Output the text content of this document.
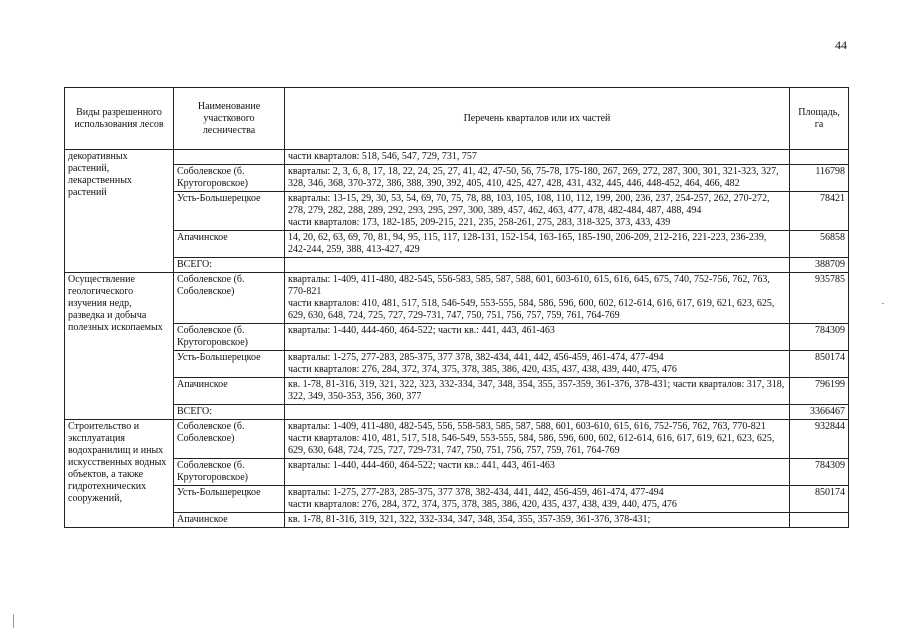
44
Виды разрешенного использования лесов	Наименование участкового лесничества	Перечень кварталов или их частей	Площадь, га
декоративных растений, лекарственных растений		части кварталов: 518, 546, 547, 729, 731, 757	

	Соболевское (б. Крутогоровское)	кварталы: 2, 3, 6, 8, 17, 18, 22, 24, 25, 27, 41, 42, 47-50, 56, 75-78, 175-180, 267, 269, 272, 287, 300, 301, 321-323, 327, 328, 346, 368, 370-372, 386, 388, 390, 392, 405, 410, 425, 427, 428, 431, 432, 445, 446, 448-452, 464, 466, 482	116798
	Усть-Большерецкое	кварталы: 13-15, 29, 30, 53, 54, 69, 70, 75, 78, 88, 103, 105, 108, 110, 112, 199, 200, 236, 237, 254-257, 262, 270-272, 278, 279, 282, 288, 289, 292, 293, 295, 297, 300, 389, 457, 462, 463, 477, 478, 482-484, 487, 488, 494
части кварталов: 173, 182-185, 209-215, 221, 235, 258-261, 275, 283, 318-325, 373, 433, 439	78421
	Апачинское	14, 20, 62, 63, 69, 70, 81, 94, 95, 115, 117, 128-131, 152-154, 163-165, 185-190, 206-209, 212-216, 221-223, 236-239, 242-244, 259, 388, 413-427, 429	56858
	ВСЕГО:		388709
Осуществление геологического изучения недр, разведка и добыча полезных ископаемых	Соболевское (б. Соболевское)	кварталы: 1-409, 411-480, 482-545, 556-583, 585, 587, 588, 601, 603-610, 615, 616, 645, 675, 740, 752-756, 762, 763, 770-821
части кварталов: 410, 481, 517, 518, 546-549, 553-555, 584, 586, 596, 600, 602, 612-614, 616, 617, 619, 621, 623, 625, 629, 630, 648, 724, 725, 727, 729-731, 747, 750, 751, 756, 757, 759, 761, 764-769	935785
	Соболевское (б. Крутогоровское)	кварталы: 1-440, 444-460, 464-522; части кв.: 441, 443, 461-463	784309
	Усть-Большерецкое	кварталы: 1-275, 277-283, 285-375, 377 378, 382-434, 441, 442, 456-459, 461-474, 477-494
части кварталов: 276, 284, 372, 374, 375, 378, 385, 386, 420, 435, 437, 438, 439, 440, 475, 476	850174
	Апачинское	кв. 1-78, 81-316, 319, 321, 322, 323, 332-334, 347, 348, 354, 355, 357-359, 361-376, 378-431; части кварталов: 317, 318, 322, 349, 350-353, 356, 360, 377	796199
	ВСЕГО:		3366467
Строительство и эксплуатация водохранилищ и иных искусственных водных объектов, а также гидротехнических сооружений,	Соболевское (б. Соболевское)	кварталы: 1-409, 411-480, 482-545, 556, 558-583, 585, 587, 588, 601, 603-610, 615, 616, 752-756, 762, 763, 770-821
части кварталов: 410, 481, 517, 518, 546-549, 553-555, 584, 586, 596, 600, 602, 612-614, 616, 617, 619, 621, 623, 625, 629, 630, 648, 724, 725, 727, 729-731, 747, 750, 751, 756, 757, 759, 761, 764-769	932844
	Соболевское (б. Крутогоровское)	кварталы: 1-440, 444-460, 464-522; части кв.: 441, 443, 461-463	784309
	Усть-Большерецкое	кварталы: 1-275, 277-283, 285-375, 377 378, 382-434, 441, 442, 456-459, 461-474, 477-494
части кварталов: 276, 284, 372, 374, 375, 378, 385, 386, 420, 435, 437, 438, 439, 440, 475, 476	850174
	Апачинское	кв. 1-78, 81-316, 319, 321, 322, 332-334, 347, 348, 354, 355, 357-359, 361-376, 378-431;	
